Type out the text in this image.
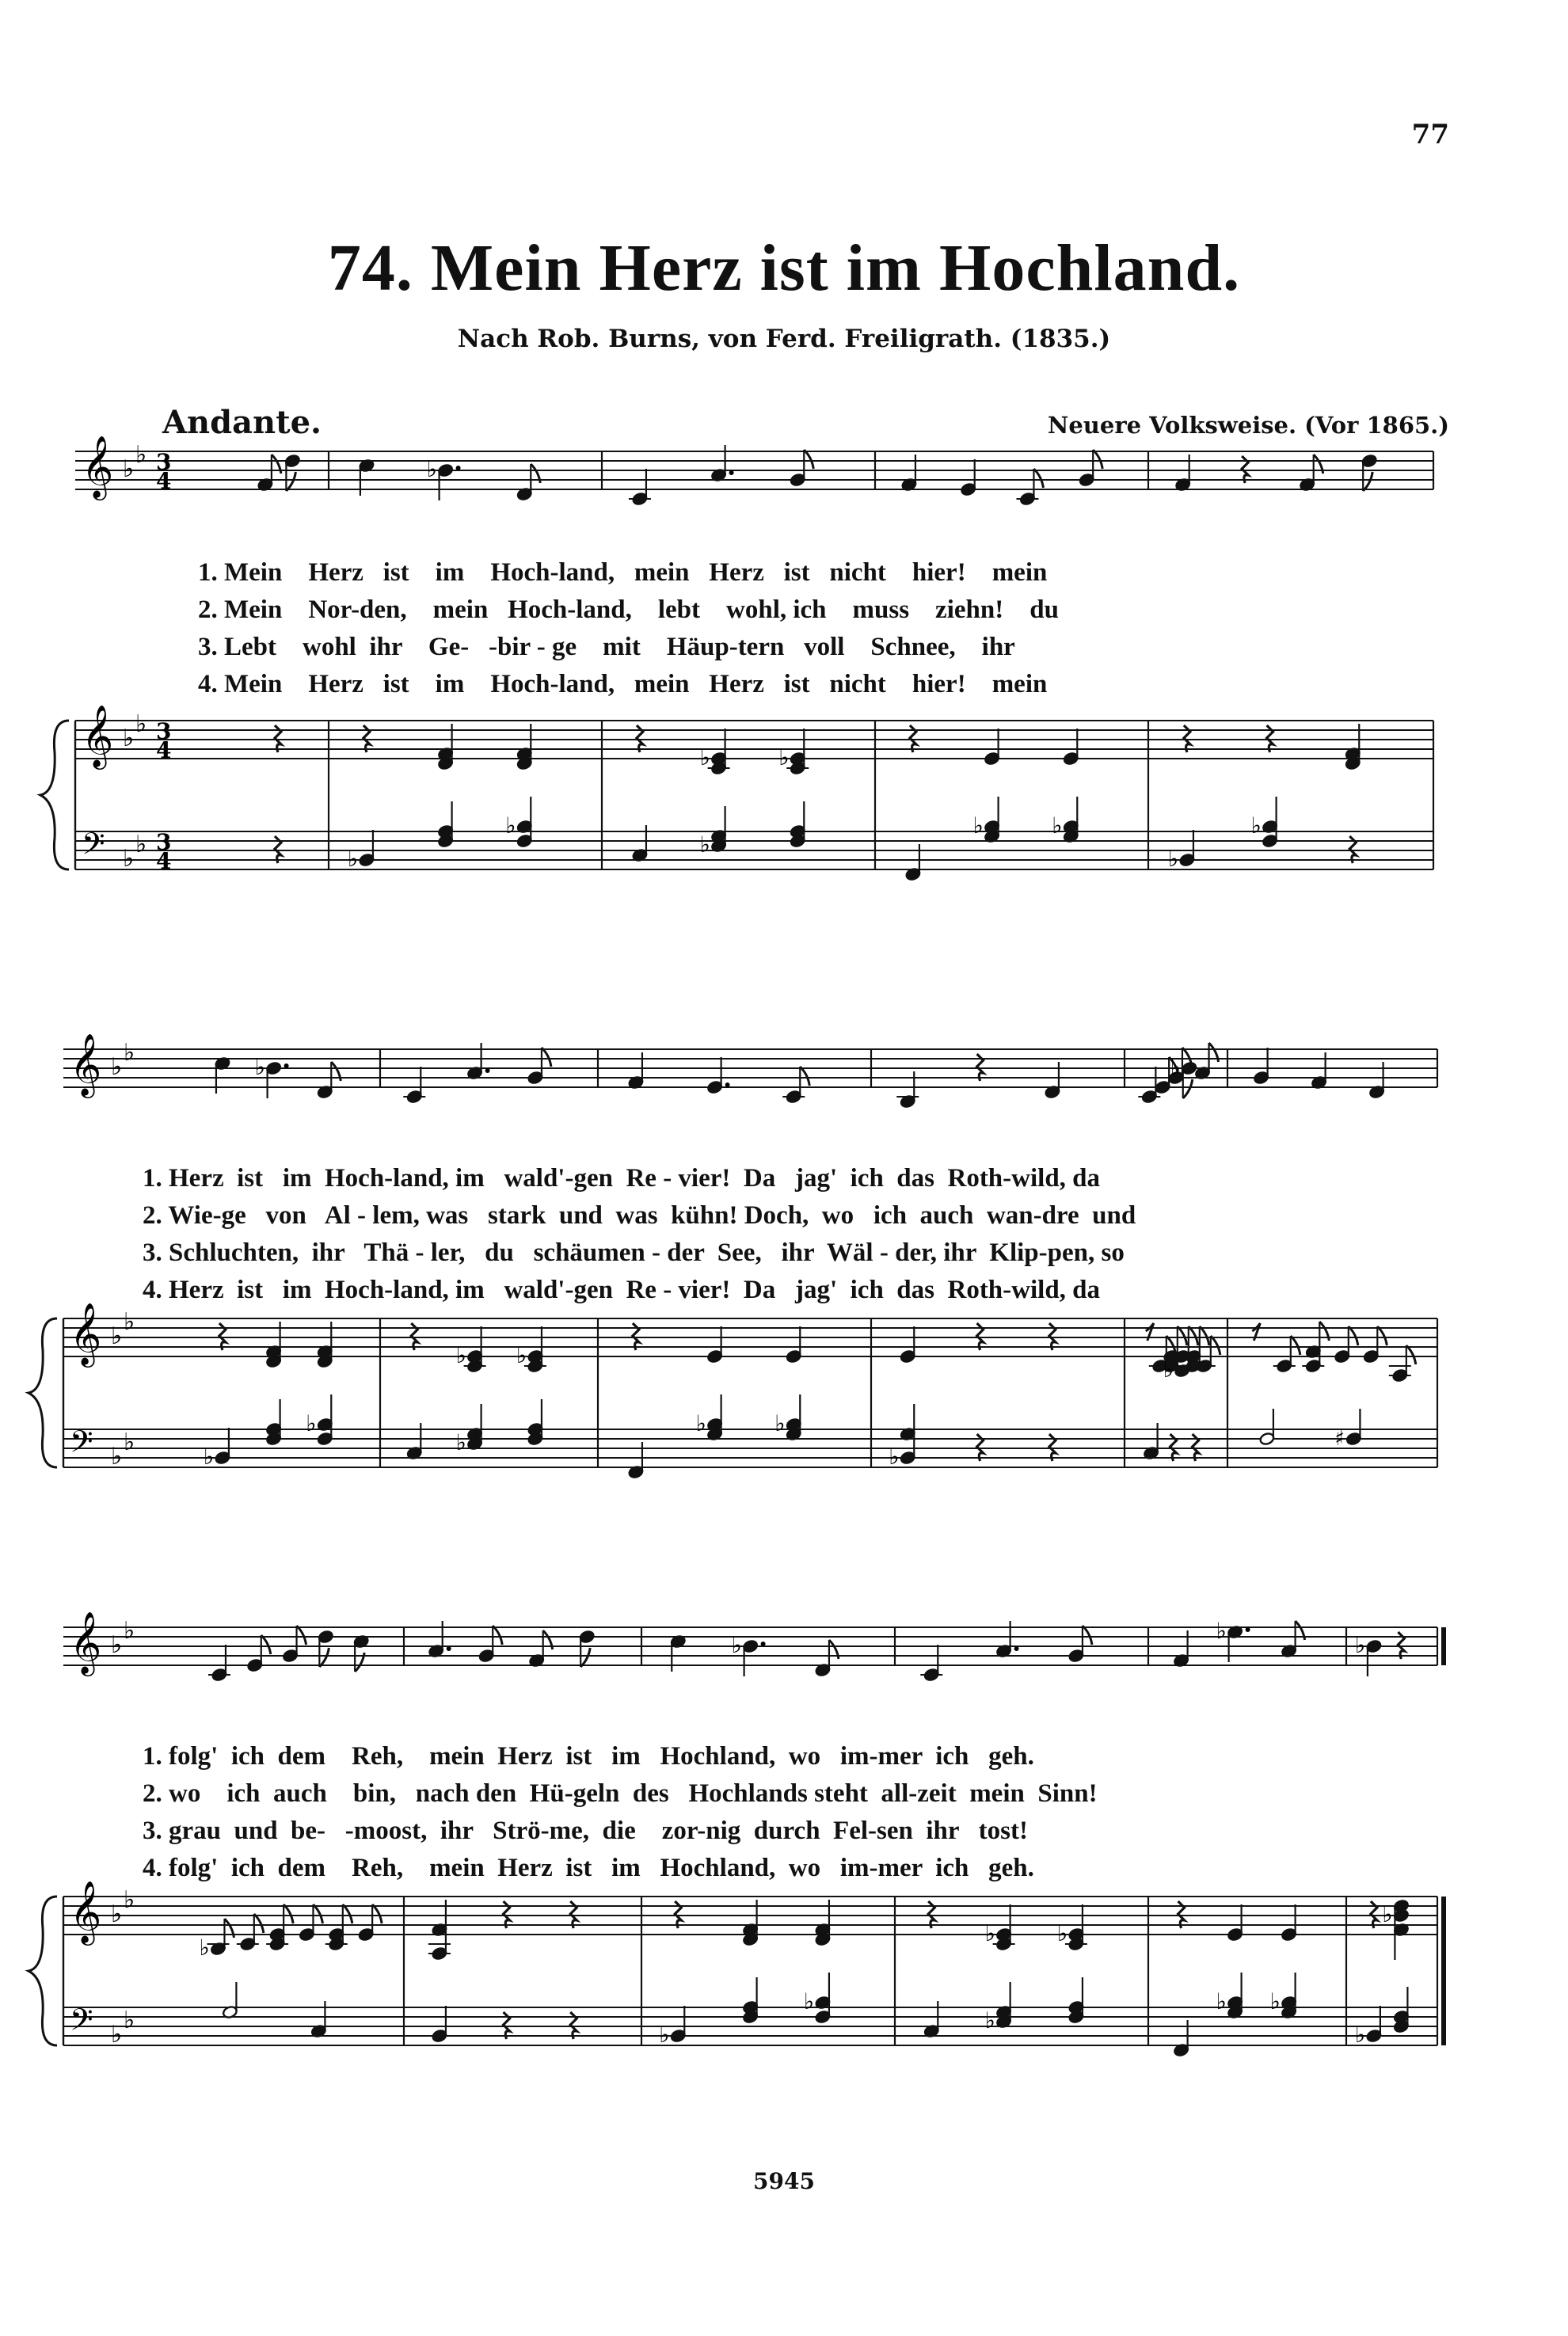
77
74. Mein Herz ist im Hochland.
Nach Rob. Burns, von Ferd. Freiligrath. (1835.)
Andante.	Neuere Volksweise. (Vor 1865.)
𝄞 ♭
♭
𝄞 ♭
♭
𝄢 ♭
♭
3
4
3
4
3
4
♭
♭	♭
♭
♭
♭
♭	♭
♭
♭
𝄞 ♭
♭
𝄞 ♭
♭
𝄢 ♭
♭
♭	♭
♭ ♭
♭
♭
♭
♭
♭	♭
♭
♯
𝄞 ♭
♭
𝄞 ♭
♭
𝄢 ♭
♭
♭
♭
♭
♭
♭	♭
♭
♭
♭
♭
♭ ♭
♭
1. Mein    Herz   ist    im    Hoch-land,   mein   Herz   ist   nicht    hier!    mein
2. Mein    Nor-den,    mein   Hoch-land,    lebt    wohl, ich    muss    ziehn!    du
3. Lebt    wohl  ihr    Ge-   -bir - ge    mit    Häup-tern   voll    Schnee,    ihr
4. Mein    Herz   ist    im    Hoch-land,   mein   Herz   ist   nicht    hier!    mein
1. Herz  ist   im  Hoch-land, im   wald'-gen  Re - vier!  Da   jag'  ich  das  Roth-wild, da
2. Wie-ge   von   Al - lem, was   stark  und  was  kühn! Doch,  wo   ich  auch  wan-dre  und
3. Schluchten,  ihr   Thä - ler,   du   schäumen - der  See,   ihr  Wäl - der, ihr  Klip-pen, so
4. Herz  ist   im  Hoch-land, im   wald'-gen  Re - vier!  Da   jag'  ich  das  Roth-wild, da
1. folg'  ich  dem    Reh,    mein  Herz  ist   im   Hochland,  wo   im-mer  ich   geh.
2. wo    ich  auch    bin,   nach den  Hü-geln  des   Hochlands steht  all-zeit  mein  Sinn!
3. grau  und  be-   -moost,  ihr   Strö-me,  die    zor-nig  durch  Fel-sen  ihr   tost!
4. folg'  ich  dem    Reh,    mein  Herz  ist   im   Hochland,  wo   im-mer  ich   geh.
5945
